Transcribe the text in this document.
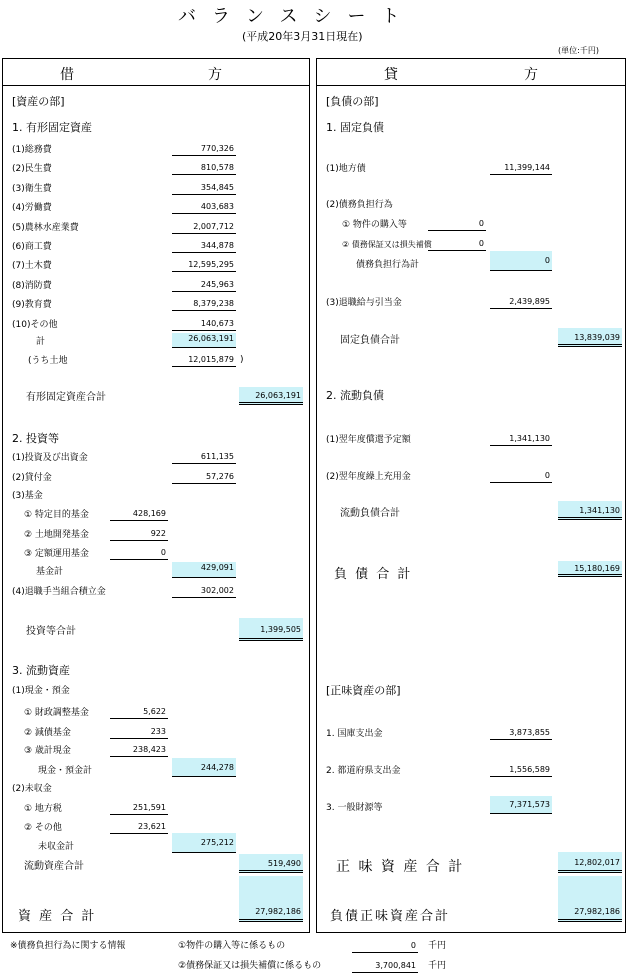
バランスシート
(平成20年3月31日現在)
(単位:千円)
借	方	貸	方
[資産の部]
1. 有形固定資産
(1)総務費	770,326
(2)民生費	810,578
(3)衛生費	354,845
(4)労働費	403,683
(5)農林水産業費	2,007,712
(6)商工費	344,878
(7)土木費	12,595,295
(8)消防費	245,963
(9)教育費	8,379,238
(10)その他	140,673
計	26,063,191
(うち土地	12,015,879 )
有形固定資産合計	26,063,191
2. 投資等
(1)投資及び出資金	611,135
(2)貸付金	57,276
(3)基金
① 特定目的基金	428,169
② 土地開発基金	922
③ 定額運用基金	0
基金計	429,091
(4)退職手当組合積立金	302,002
投資等合計	1,399,505
3. 流動資産
(1)現金・預金
① 財政調整基金	5,622
② 減債基金	233
③ 歳計現金	238,423
現金・預金計	244,278
(2)未収金
① 地方税	251,591
② その他	23,621
未収金計	275,212
流動資産合計	519,490
資 産 合 計	27,982,186
[負債の部]
1. 固定負債
(1)地方債	11,399,144
(2)債務負担行為
① 物件の購入等	0
② 債務保証又は損失補償	0
債務負担行為計	0
(3)退職給与引当金	2,439,895
固定負債合計	13,839,039
2. 流動負債
(1)翌年度償還予定額	1,341,130
(2)翌年度繰上充用金	0
流動負債合計	1,341,130
負 債 合 計	15,180,169
[正味資産の部]
1. 国庫支出金	3,873,855
2. 都道府県支出金	1,556,589
3. 一般財源等	7,371,573
正 味 資 産 合 計	12,802,017
負債正味資産合計	27,982,186
※債務負担行為に関する情報	①物件の購入等に係るもの	0 千円
②債務保証又は損失補償に係るもの	3,700,841 千円
